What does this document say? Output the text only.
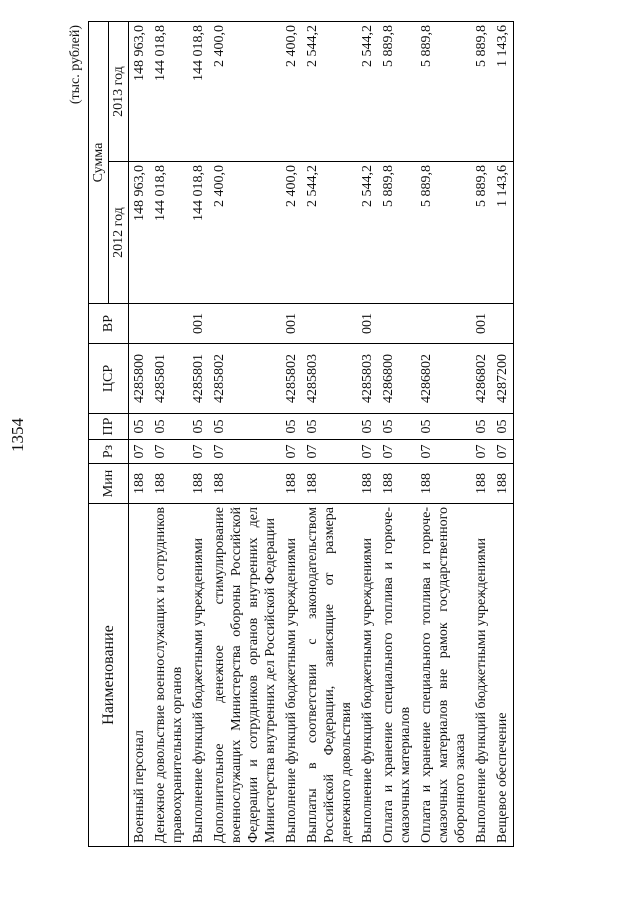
1354
(тыс. рублей)
Наименование	Мин	Рз	ПР	ЦСР	ВР	Сумма	
						2012 год	2013 год
Военный персонал	188	07	05	4285800		148 963,0	148 963,0
Денежное довольствие военнослужащих и сотрудников правоохранительных органов	188	07	05	4285801		144 018,8	144 018,8
Выполнение функций бюджетными учреждениями	188	07	05	4285801	001	144 018,8	144 018,8
Дополнительное денежное стимулирование военнослужащих Министерства обороны Российской Федерации и сотрудников органов внутренних дел Министерства внутренних дел Российской Федерации	188	07	05	4285802		2 400,0	2 400,0
Выполнение функций бюджетными учреждениями	188	07	05	4285802	001	2 400,0	2 400,0
Выплаты в соответствии с законодательством Российской Федерации, зависящие от размера денежного довольствия	188	07	05	4285803		2 544,2	2 544,2
Выполнение функций бюджетными учреждениями	188	07	05	4285803	001	2 544,2	2 544,2
Оплата и хранение специального топлива и горюче-смазочных материалов	188	07	05	4286800		5 889,8	5 889,8
Оплата и хранение специального топлива и горюче-смазочных материалов вне рамок государственного оборонного заказа	188	07	05	4286802		5 889,8	5 889,8
Выполнение функций бюджетными учреждениями	188	07	05	4286802	001	5 889,8	5 889,8
Вещевое обеспечение	188	07	05	4287200		1 143,6	1 143,6
